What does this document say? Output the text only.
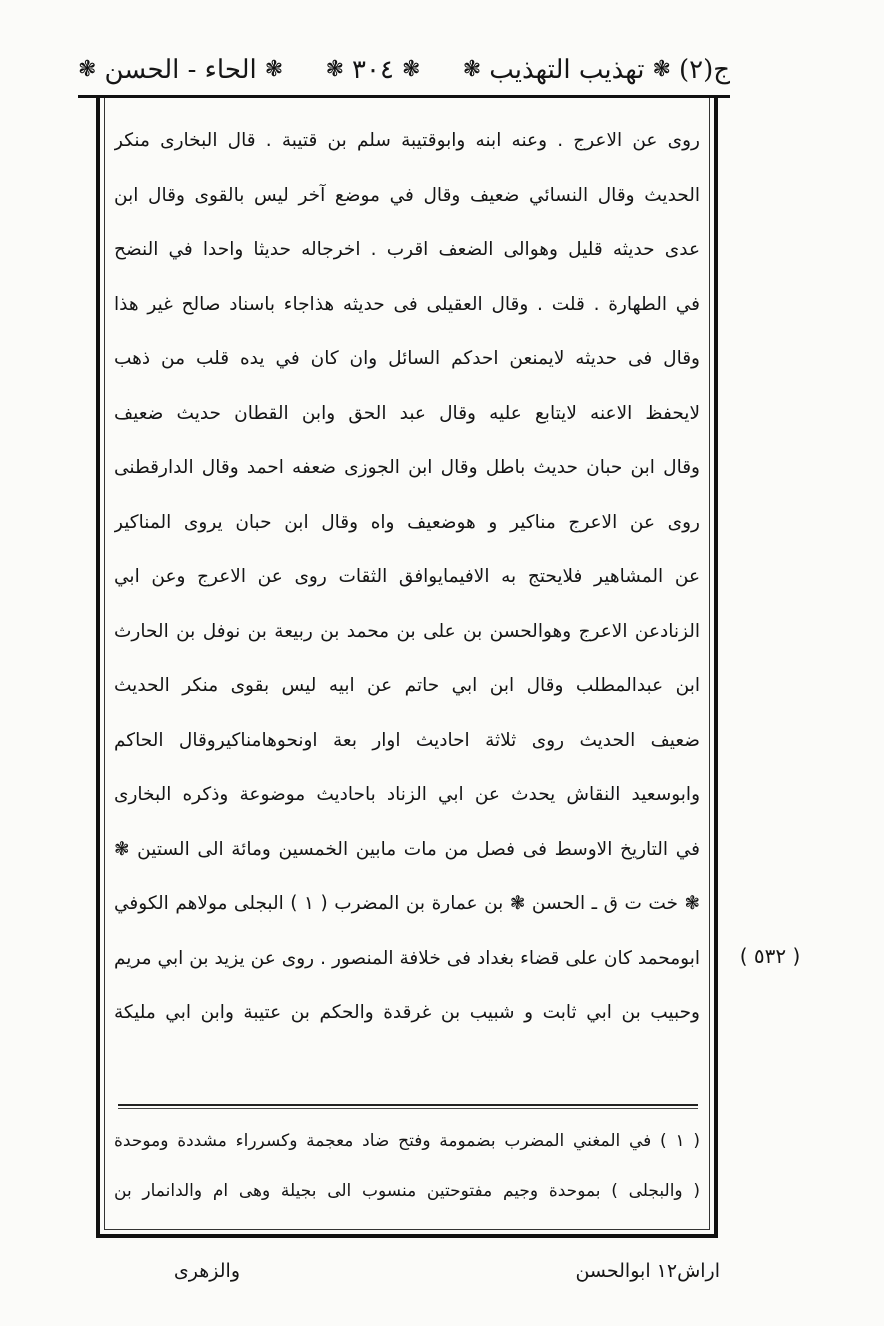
ج(٢)
❃
تهذيب التهذيب
❃
❃
٣٠٤
❃
❃
الحاء - الحسن
❃
روى عن الاعرج . وعنه ابنه وابوقتيبة سلم بن قتيبة . قال البخارى منكر
الحديث وقال النسائي ضعيف وقال في موضع آخر ليس بالقوى وقال ابن
عدى حديثه قليل وهوالى الضعف اقرب . اخرجاله حديثا واحدا في النضح
في الطهارة . قلت . وقال العقيلى فى حديثه هذاجاء باسناد صالح غير هذا
وقال فى حديثه لايمنعن احدكم السائل وان كان في يده قلب من ذهب
لايحفظ الاعنه لايتابع عليه وقال عبد الحق وابن القطان حديث ضعيف
وقال ابن حبان حديث باطل وقال ابن الجوزى ضعفه احمد وقال الدارقطنى
روى عن الاعرج مناكير و هوضعيف واه وقال ابن حبان يروى المناكير
عن المشاهير فلايحتج به الافيمايوافق الثقات روى عن الاعرج وعن ابي
الزنادعن الاعرج وهوالحسن بن على بن محمد بن ربيعة بن نوفل بن الحارث
ابن عبدالمطلب وقال ابن ابي حاتم عن ابيه ليس بقوى منكر الحديث
ضعيف الحديث روى ثلاثة احاديث اوار بعة اونحوهامناكيروقال الحاكم
وابوسعيد النقاش يحدث عن ابي الزناد باحاديث موضوعة وذكره البخارى
في التاريخ الاوسط فى فصل من مات مابين الخمسين ومائة الى الستين ❃
❃ خت ت ق ـ الحسن ❃ بن عمارة بن المضرب ( ١ ) البجلى مولاهم الكوفي
ابومحمد كان على قضاء بغداد فى خلافة المنصور . روى عن يزيد بن ابي مريم
وحبيب بن ابي ثابت و شبيب بن غرقدة والحكم بن عتيبة وابن ابي مليكة
( ٥٣٢ )
( ١ ) في المغني المضرب بضمومة وفتح ضاد معجمة وكسرراء مشددة وموحدة
( والبجلى ) بموحدة وجيم مفتوحتين منسوب الى بجيلة وهى ام والدانمار بن
اراش١٢ ابوالحسن
والزهرى
